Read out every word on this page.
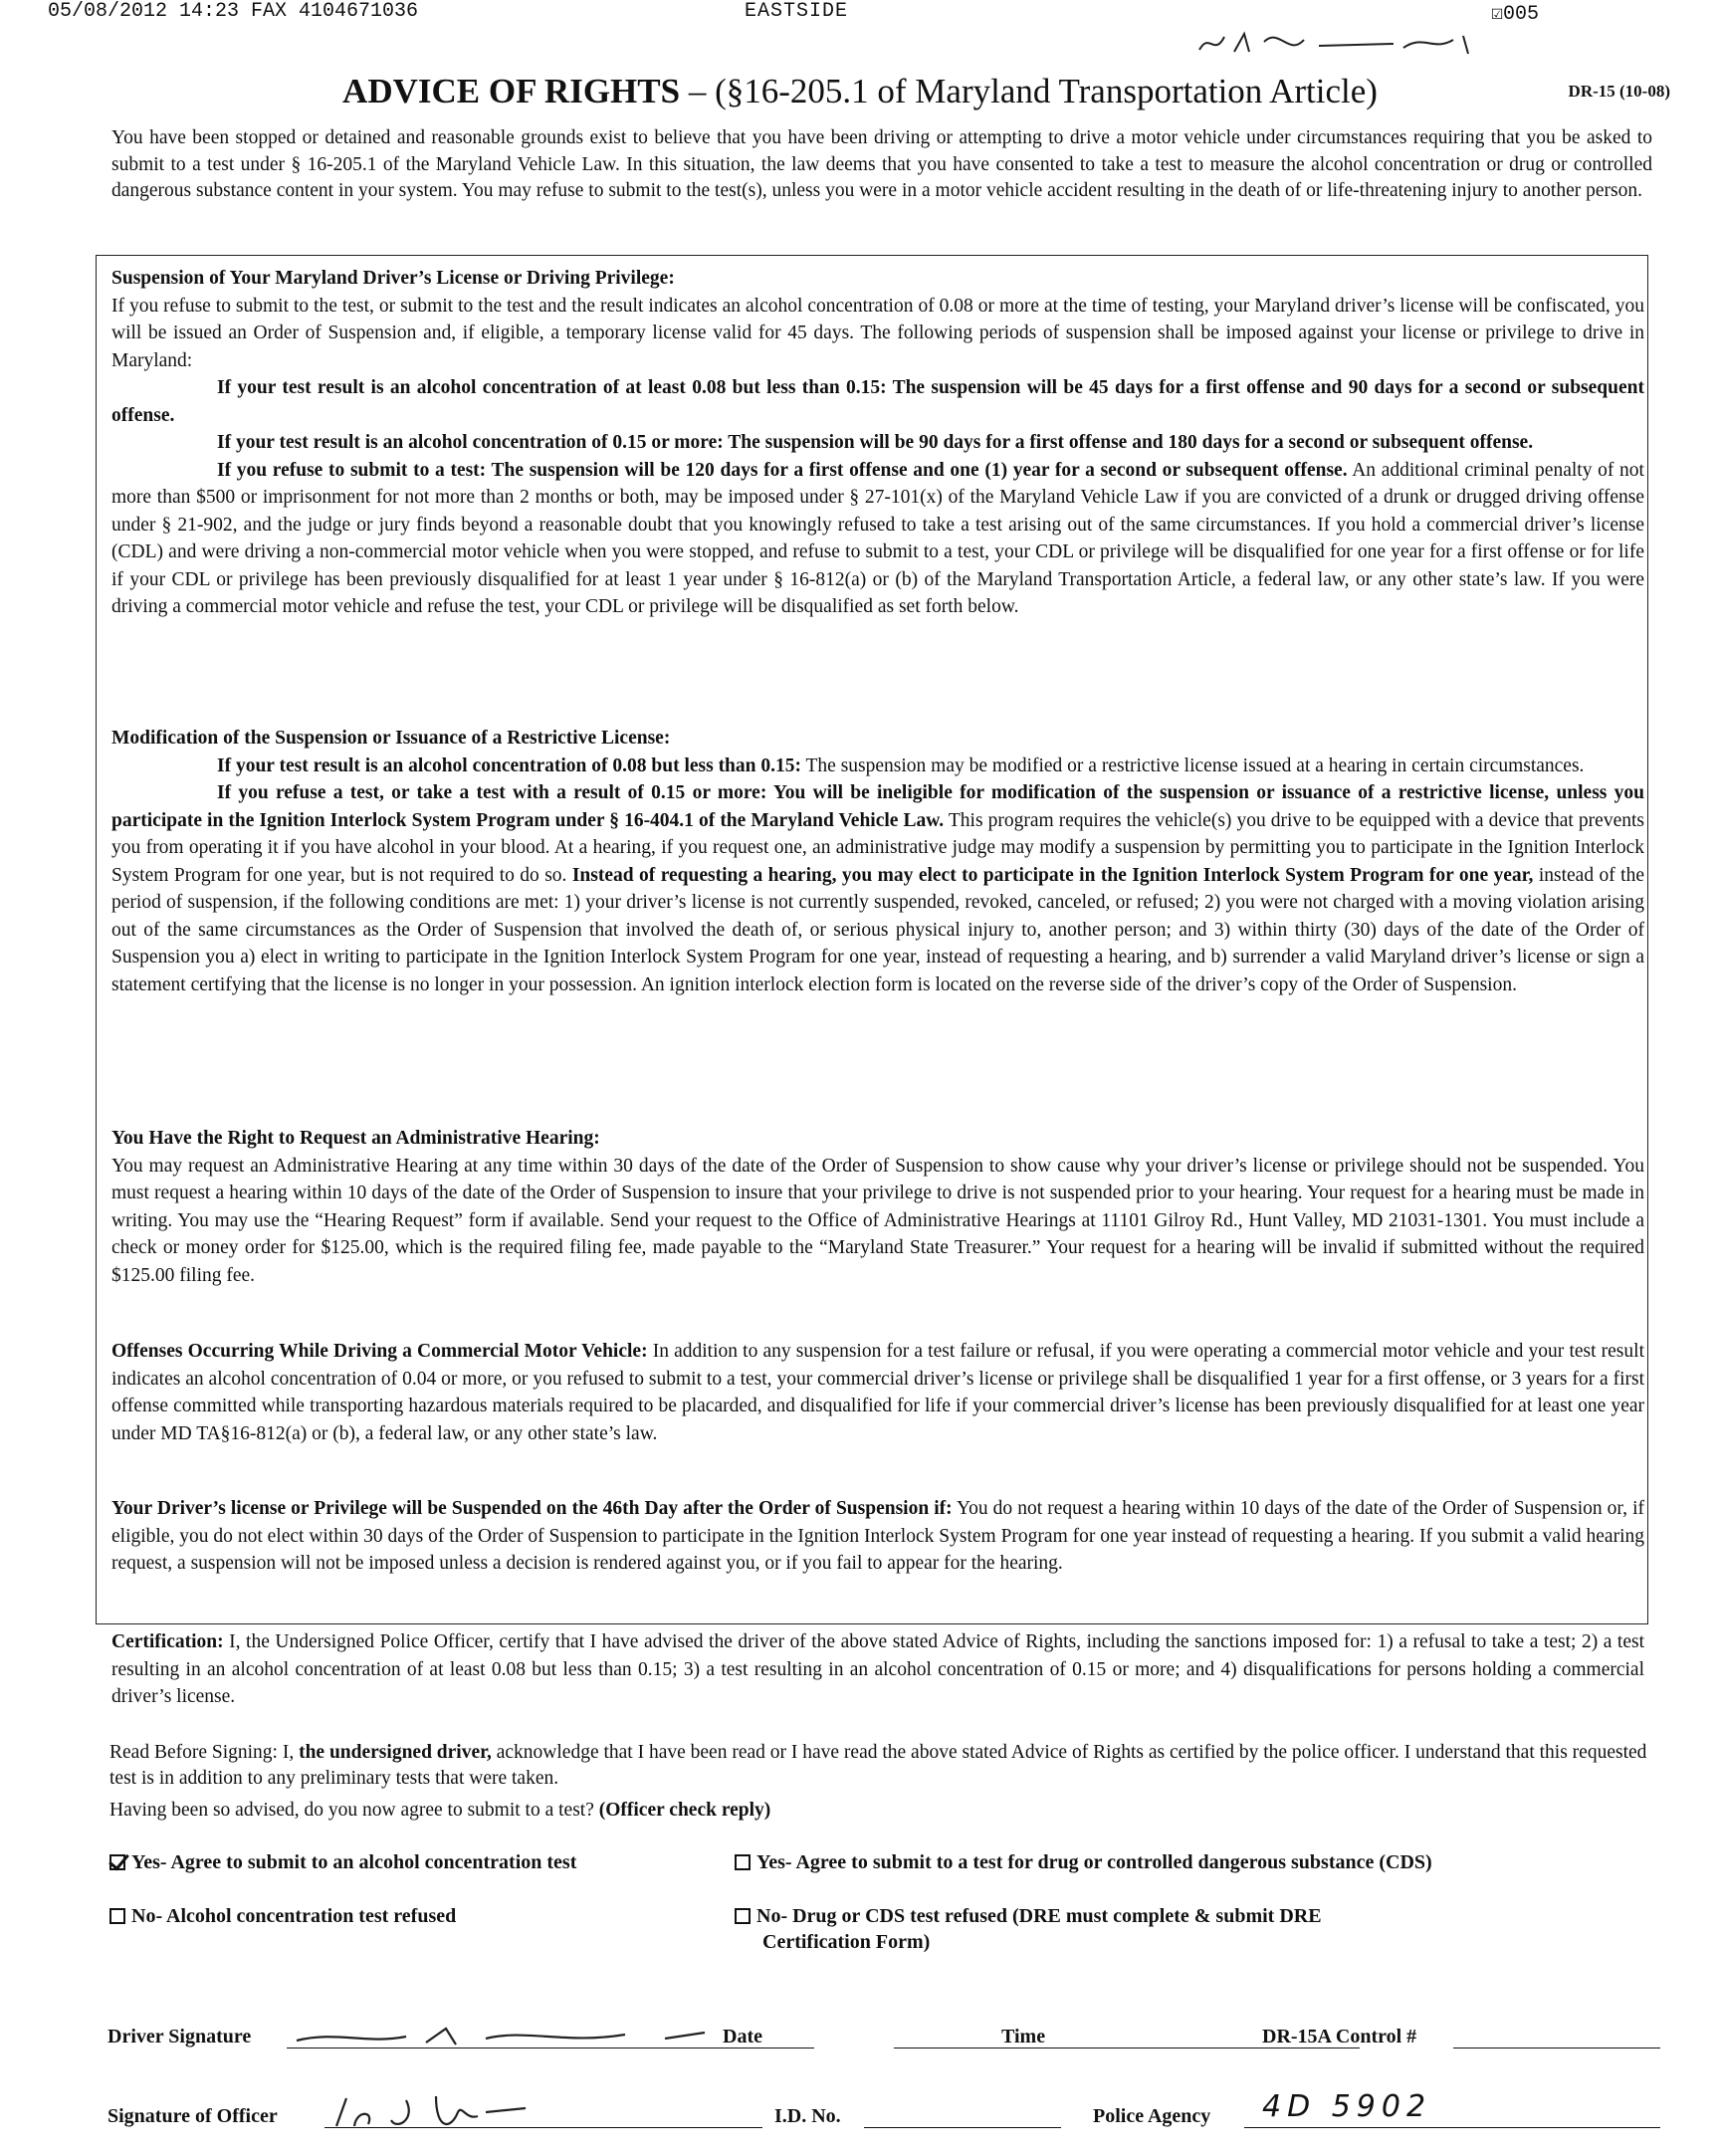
05/08/2012 14:23 FAX 4104671036	EASTSIDE	☑005
ADVICE OF RIGHTS – (§16-205.1 of Maryland Transportation Article)	DR-15 (10-08)
You have been stopped or detained and reasonable grounds exist to believe that you have been driving or attempting to drive a motor vehicle under circumstances requiring that you be asked to submit to a test under § 16-205.1 of the Maryland Vehicle Law. In this situation, the law deems that you have consented to take a test to measure the alcohol concentration or drug or controlled dangerous substance content in your system. You may refuse to submit to the test(s), unless you were in a motor vehicle accident resulting in the death of or life-threatening injury to another person.

Suspension of Your Maryland Driver’s License or Driving Privilege:

If you refuse to submit to the test, or submit to the test and the result indicates an alcohol concentration of 0.08 or more at the time of testing, your Maryland driver’s license will be confiscated, you will be issued an Order of Suspension and, if eligible, a temporary license valid for 45 days. The following periods of suspension shall be imposed against your license or privilege to drive in Maryland:

If your test result is an alcohol concentration of at least 0.08 but less than 0.15: The suspension will be 45 days for a first offense and 90 days for a second or subsequent offense.

If your test result is an alcohol concentration of 0.15 or more: The suspension will be 90 days for a first offense and 180 days for a second or subsequent offense.

If you refuse to submit to a test: The suspension will be 120 days for a first offense and one (1) year for a second or subsequent offense. An additional criminal penalty of not more than $500 or imprisonment for not more than 2 months or both, may be imposed under § 27-101(x) of the Maryland Vehicle Law if you are convicted of a drunk or drugged driving offense under § 21-902, and the judge or jury finds beyond a reasonable doubt that you knowingly refused to take a test arising out of the same circumstances. If you hold a commercial driver’s license (CDL) and were driving a non-commercial motor vehicle when you were stopped, and refuse to submit to a test, your CDL or privilege will be disqualified for one year for a first offense or for life if your CDL or privilege has been previously disqualified for at least 1 year under § 16-812(a) or (b) of the Maryland Transportation Article, a federal law, or any other state’s law. If you were driving a commercial motor vehicle and refuse the test, your CDL or privilege will be disqualified as set forth below.

Modification of the Suspension or Issuance of a Restrictive License:

If your test result is an alcohol concentration of 0.08 but less than 0.15: The suspension may be modified or a restrictive license issued at a hearing in certain circumstances.

If you refuse a test, or take a test with a result of 0.15 or more: You will be ineligible for modification of the suspension or issuance of a restrictive license, unless you participate in the Ignition Interlock System Program under § 16-404.1 of the Maryland Vehicle Law. This program requires the vehicle(s) you drive to be equipped with a device that prevents you from operating it if you have alcohol in your blood. At a hearing, if you request one, an administrative judge may modify a suspension by permitting you to participate in the Ignition Interlock System Program for one year, but is not required to do so. Instead of requesting a hearing, you may elect to participate in the Ignition Interlock System Program for one year, instead of the period of suspension, if the following conditions are met: 1) your driver’s license is not currently suspended, revoked, canceled, or refused; 2) you were not charged with a moving violation arising out of the same circumstances as the Order of Suspension that involved the death of, or serious physical injury to, another person; and 3) within thirty (30) days of the date of the Order of Suspension you a) elect in writing to participate in the Ignition Interlock System Program for one year, instead of requesting a hearing, and b) surrender a valid Maryland driver’s license or sign a statement certifying that the license is no longer in your possession. An ignition interlock election form is located on the reverse side of the driver’s copy of the Order of Suspension.

You Have the Right to Request an Administrative Hearing:

You may request an Administrative Hearing at any time within 30 days of the date of the Order of Suspension to show cause why your driver’s license or privilege should not be suspended. You must request a hearing within 10 days of the date of the Order of Suspension to insure that your privilege to drive is not suspended prior to your hearing. Your request for a hearing must be made in writing. You may use the “Hearing Request” form if available. Send your request to the Office of Administrative Hearings at 11101 Gilroy Rd., Hunt Valley, MD 21031-1301. You must include a check or money order for $125.00, which is the required filing fee, made payable to the “Maryland State Treasurer.” Your request for a hearing will be invalid if submitted without the required $125.00 filing fee.

Offenses Occurring While Driving a Commercial Motor Vehicle: In addition to any suspension for a test failure or refusal, if you were operating a commercial motor vehicle and your test result indicates an alcohol concentration of 0.04 or more, or you refused to submit to a test, your commercial driver’s license or privilege shall be disqualified 1 year for a first offense, or 3 years for a first offense committed while transporting hazardous materials required to be placarded, and disqualified for life if your commercial driver’s license has been previously disqualified for at least one year under MD TA§16-812(a) or (b), a federal law, or any other state’s law.

Your Driver’s license or Privilege will be Suspended on the 46th Day after the Order of Suspension if: You do not request a hearing within 10 days of the date of the Order of Suspension or, if eligible, you do not elect within 30 days of the Order of Suspension to participate in the Ignition Interlock System Program for one year instead of requesting a hearing. If you submit a valid hearing request, a suspension will not be imposed unless a decision is rendered against you, or if you fail to appear for the hearing.

Certification: I, the Undersigned Police Officer, certify that I have advised the driver of the above stated Advice of Rights, including the sanctions imposed for: 1) a refusal to take a test; 2) a test resulting in an alcohol concentration of at least 0.08 but less than 0.15; 3) a test resulting in an alcohol concentration of 0.15 or more; and 4) disqualifications for persons holding a commercial driver’s license.
Read Before Signing: I, the undersigned driver, acknowledge that I have been read or I have read the above stated Advice of Rights as certified by the police officer. I understand that this requested test is in addition to any preliminary tests that were taken.
Having been so advised, do you now agree to submit to a test? (Officer check reply)
Yes- Agree to submit to an alcohol concentration test	Yes- Agree to submit to a test for drug or controlled dangerous substance (CDS)
No- Alcohol concentration test refused	No- Drug or CDS test refused (DRE must complete & submit DRE
Certification Form)
Driver Signature	Date	Time	DR-15A Control #
Signature of Officer	I.D. No.	Police Agency 4D 5902
